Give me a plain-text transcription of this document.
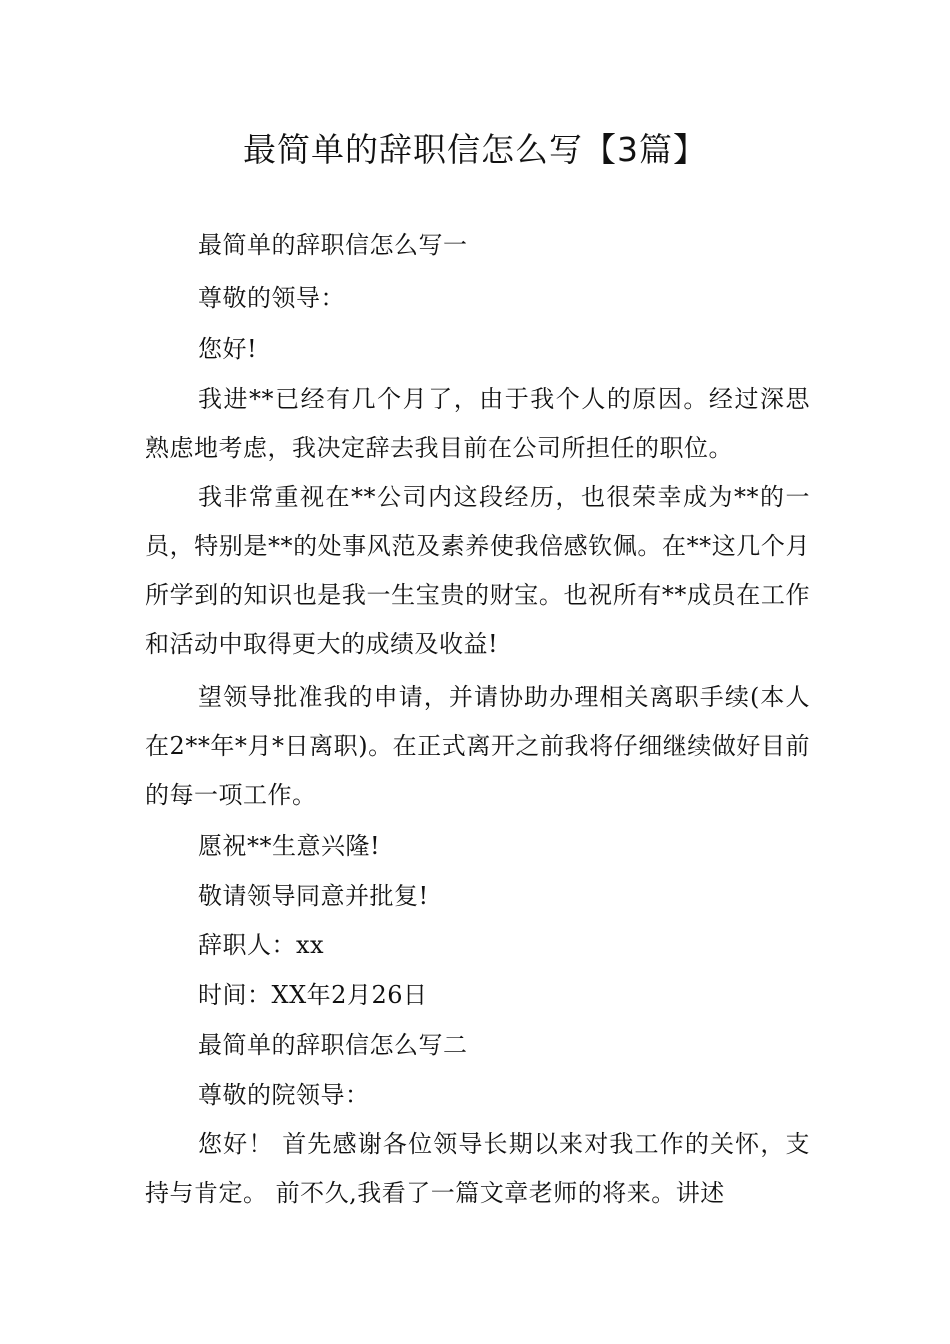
最简单的辞职信怎么写【3篇】
最简单的辞职信怎么写一
尊敬的领导：
您好!
我进**已经有几个月了，由于我个人的原因。经过深思熟虑地考虑，我决定辞去我目前在公司所担任的职位。
我非常重视在**公司内这段经历，也很荣幸成为**的一员，特别是**的处事风范及素养使我倍感钦佩。在**这几个月所学到的知识也是我一生宝贵的财宝。也祝所有**成员在工作和活动中取得更大的成绩及收益!
望领导批准我的申请，并请协助办理相关离职手续(本人在2**年*月*日离职)。在正式离开之前我将仔细继续做好目前的每一项工作。
愿祝**生意兴隆!
敬请领导同意并批复!
辞职人：xx
时间：XX年2月26日
最简单的辞职信怎么写二
尊敬的院领导：
您好！ 首先感谢各位领导长期以来对我工作的关怀，支持与肯定。 前不久,我看了一篇文章老师的将来。讲述
